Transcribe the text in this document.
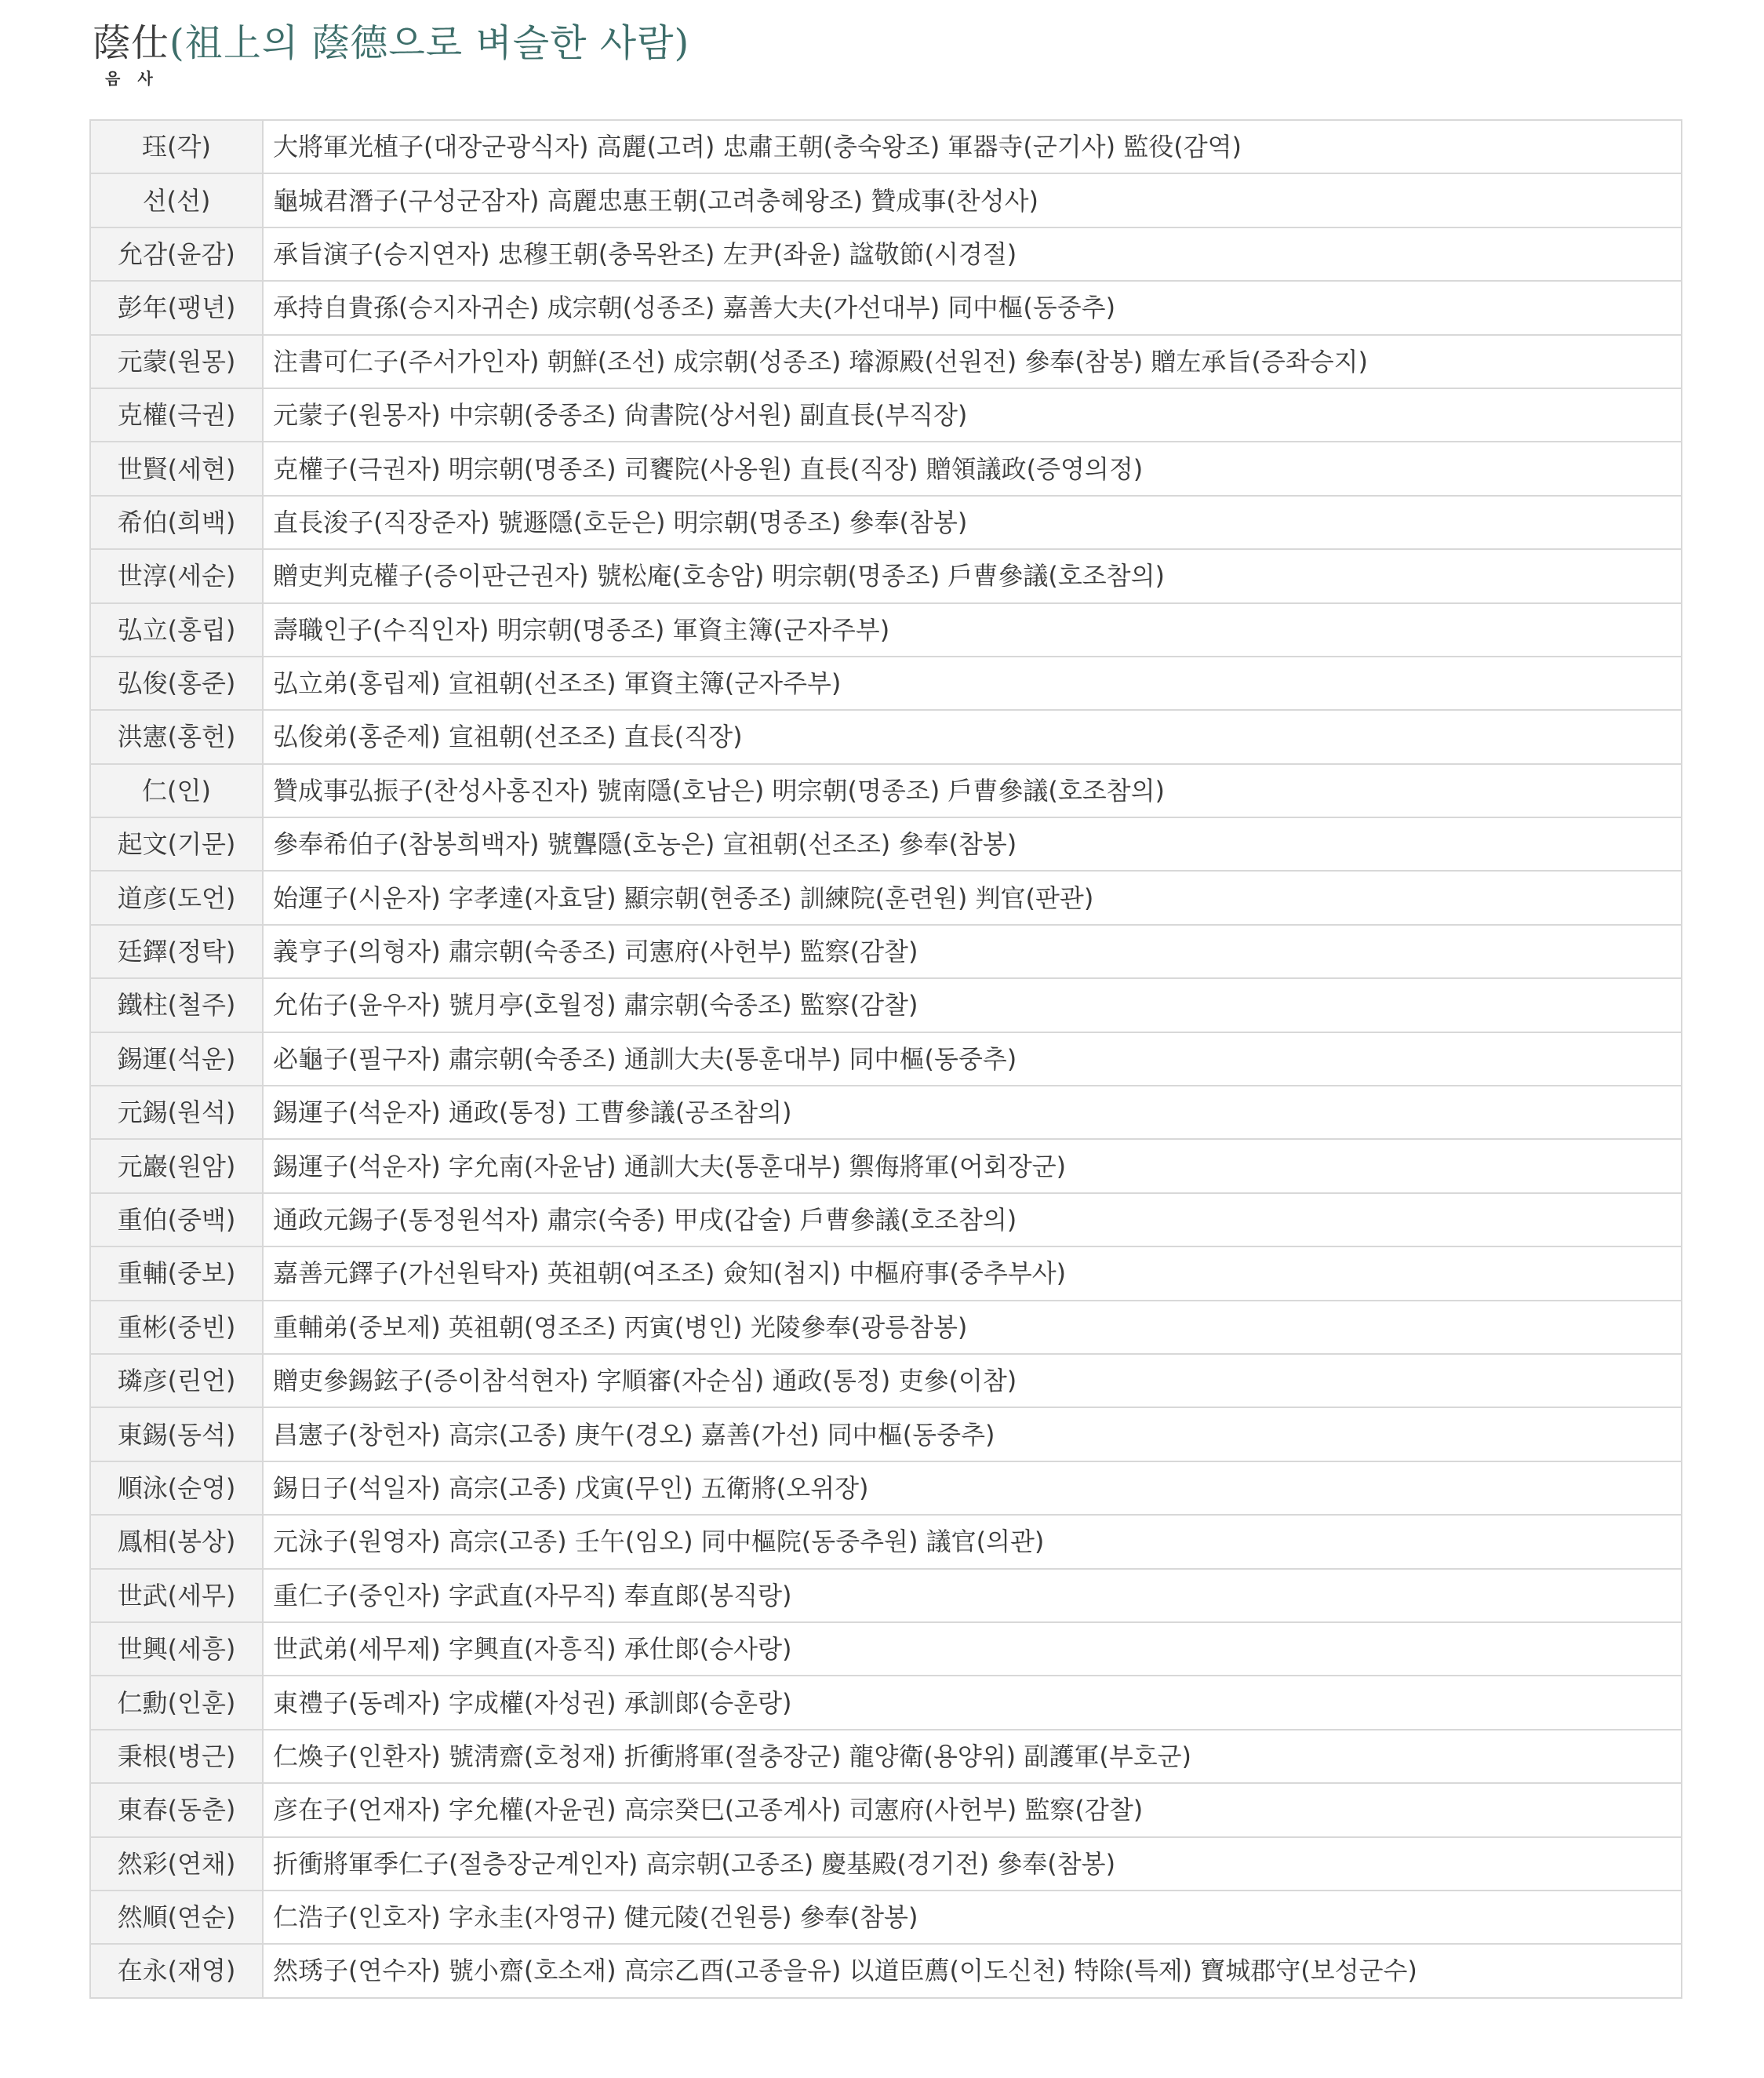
蔭仕(祖上의 蔭德으로 벼슬한 사람)
음사
珏(각)	大將軍光植子(대장군광식자) 高麗(고려) 忠肅王朝(충숙왕조) 軍器寺(군기사) 監役(감역)
선(선)	龜城君潛子(구성군잠자) 高麗忠惠王朝(고려충혜왕조) 贊成事(찬성사)
允감(윤감)	承旨演子(승지연자) 忠穆王朝(충목완조) 左尹(좌윤) 諡敬節(시경절)
彭年(팽년)	承持自貴孫(승지자귀손) 成宗朝(성종조) 嘉善大夫(가선대부) 同中樞(동중추)
元蒙(원몽)	注書可仁子(주서가인자) 朝鮮(조선) 成宗朝(성종조) 璿源殿(선원전) 參奉(참봉) 贈左承旨(증좌승지)
克權(극권)	元蒙子(원몽자) 中宗朝(중종조) 尙書院(상서원) 副直長(부직장)
世賢(세현)	克權子(극권자) 明宗朝(명종조) 司饔院(사옹원) 直長(직장) 贈領議政(증영의정)
希伯(희백)	直長浚子(직장준자) 號遯隱(호둔은) 明宗朝(명종조) 參奉(참봉)
世淳(세순)	贈吏判克權子(증이판근권자) 號松庵(호송암) 明宗朝(명종조) 戶曹參議(호조참의)
弘立(홍립)	壽職인子(수직인자) 明宗朝(명종조) 軍資主簿(군자주부)
弘俊(홍준)	弘立弟(홍립제) 宣祖朝(선조조) 軍資主簿(군자주부)
洪憲(홍헌)	弘俊弟(홍준제) 宣祖朝(선조조) 直長(직장)
仁(인)	贊成事弘振子(찬성사홍진자) 號南隱(호남은) 明宗朝(명종조) 戶曹參議(호조참의)
起文(기문)	參奉希伯子(참봉희백자) 號聾隱(호농은) 宣祖朝(선조조) 參奉(참봉)
道彦(도언)	始運子(시운자) 字孝達(자효달) 顯宗朝(현종조) 訓練院(훈련원) 判官(판관)
廷鐸(정탁)	義亨子(의형자) 肅宗朝(숙종조) 司憲府(사헌부) 監察(감찰)
鐵柱(철주)	允佑子(윤우자) 號月亭(호월정) 肅宗朝(숙종조) 監察(감찰)
錫運(석운)	必龜子(필구자) 肅宗朝(숙종조) 通訓大夫(통훈대부) 同中樞(동중추)
元錫(원석)	錫運子(석운자) 通政(통정) 工曹參議(공조참의)
元巖(원암)	錫運子(석운자) 字允南(자윤남) 通訓大夫(통훈대부) 禦侮將軍(어회장군)
重伯(중백)	通政元錫子(통정원석자) 肅宗(숙종) 甲戌(갑술) 戶曹參議(호조참의)
重輔(중보)	嘉善元鐸子(가선원탁자) 英祖朝(여조조) 僉知(첨지) 中樞府事(중추부사)
重彬(중빈)	重輔弟(중보제) 英祖朝(영조조) 丙寅(병인) 光陵參奉(광릉참봉)
璘彦(린언)	贈吏參錫鉉子(증이참석현자) 字順審(자순심) 通政(통정) 吏參(이참)
東錫(동석)	昌憲子(창헌자) 高宗(고종) 庚午(경오) 嘉善(가선) 同中樞(동중추)
順泳(순영)	錫日子(석일자) 高宗(고종) 戊寅(무인) 五衛將(오위장)
鳳相(봉상)	元泳子(원영자) 高宗(고종) 壬午(임오) 同中樞院(동중추원) 議官(의관)
世武(세무)	重仁子(중인자) 字武直(자무직) 奉直郞(봉직랑)
世興(세흥)	世武弟(세무제) 字興直(자흥직) 承仕郞(승사랑)
仁勳(인훈)	東禮子(동례자) 字成權(자성권) 承訓郞(승훈랑)
秉根(병근)	仁煥子(인환자) 號淸齋(호청재) 折衝將軍(절충장군) 龍양衛(용양위) 副護軍(부호군)
東春(동춘)	彦在子(언재자) 字允權(자윤권) 高宗癸巳(고종계사) 司憲府(사헌부) 監察(감찰)
然彩(연채)	折衝將軍季仁子(절층장군계인자) 高宗朝(고종조) 慶基殿(경기전) 參奉(참봉)
然順(연순)	仁浩子(인호자) 字永圭(자영규) 健元陵(건원릉) 參奉(참봉)
在永(재영)	然琇子(연수자) 號小齋(호소재) 高宗乙酉(고종을유) 以道臣薦(이도신천) 特除(특제) 寶城郡守(보성군수)
